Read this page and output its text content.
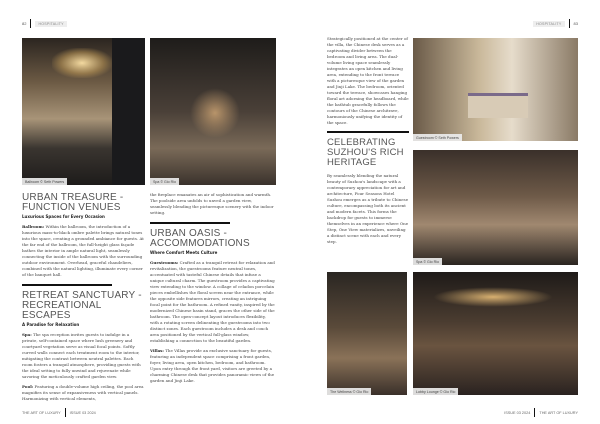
82	HOSPITALITY
Ballroom © Seth Powers	Spa © Gio Rio
URBAN TREASURE - FUNCTION VENUES
Luxurious Spaces for Every Occasion
Ballroom: Within the ballroom, the introduction of a luxurious mass-to-black ombre palette brings natural tones into the space, creating a grounded ambiance for guests. At the far end of the ballroom, the full-height glass façade bathes the interior in ample natural light, seamlessly connecting the inside of the ballroom with the surrounding outdoor environment. Overhead, graceful chandeliers, combined with the natural lighting, illuminate every corner of the banquet hall.
RETREAT SANCTUARY - RECREATIONAL ESCAPES
A Paradise for Relaxation
Spa: The spa reception invites guests to indulge in a private, self-contained space where lush greenery and courtyard vegetation serve as visual focal points. Softly curved walls connect each treatment room to the interior, mitigating the contrast between neutral palettes. Each room fosters a tranquil atmosphere, providing guests with the ideal setting to fully unwind and rejuvenate while savoring the meticulously crafted garden view.
Pool: Featuring a double-volume high ceiling, the pool area magnifies its sense of expansiveness with vertical panels. Harmonizing with vertical elements,
the fireplace emanates an air of sophistication and warmth. The poolside area unfolds to unveil a garden view, seamlessly blending the picturesque scenery with the indoor setting.
URBAN OASIS - ACCOMMODATIONS
Where Comfort Meets Culture
Guestrooms: Crafted as a tranquil retreat for relaxation and revitalization, the guestrooms feature neutral tones, accentuated with tasteful Chinese details that infuse a unique cultural charm. The guestroom provides a captivating view extending to the window. A collage of celadon porcelain pieces embellishes the floral screen near the entrance, while the opposite side features mirrors, creating an intriguing focal point for the bathroom. A refined vanity, inspired by the modernized Chinese basin stand, graces the other side of the bathroom. The open-concept layout introduces flexibility, with a rotating screen delineating the guestrooms into two distinct zones. Each guestroom includes a desk and couch area positioned by the vertical full-glass window, establishing a connection to the beautiful garden.
Villas: The Villas provide an exclusive sanctuary for guests, featuring an independent space comprising a front garden, foyer, living area, open kitchen, bedroom, and bathroom. Upon entry through the front yard, visitors are greeted by a charming Chinese desk that provides panoramic views of the garden and Jinji Lake.
THE ART OF LUXURY ISSUE 03 2024
HOSPITALITY	83
Strategically positioned at the center of the villa, the Chinese desk serves as a captivating divider between the bedroom and living area. The dual-volume living space seamlessly integrates an open kitchen and living area, extending to the front terrace with a picturesque view of the garden and Jinji Lake. The bedroom, oriented toward the terrace, showcases hanging floral art adorning the headboard, while the bathtub gracefully follows the contours of the Chinese architrave, harmoniously unifying the identity of the space.
CELEBRATING SUZHOU'S RICH HERITAGE
By seamlessly blending the natural beauty of Suzhou's landscape with a contemporary appreciation for art and architecture, Four Seasons Hotel Suzhou emerges as a tribute to Chinese culture, encompassing both its ancient and modern facets. This forms the backdrop for guests to immerse themselves in an experience where One Step, One View materializes, unveiling a distinct scene with each and every step.
Guestroom © Seth Powers
Spa © Gio Rio
The Wellness © Gio Rio	Lobby Lounge © Gio Rio
ISSUE 03 2024 THE ART OF LUXURY
